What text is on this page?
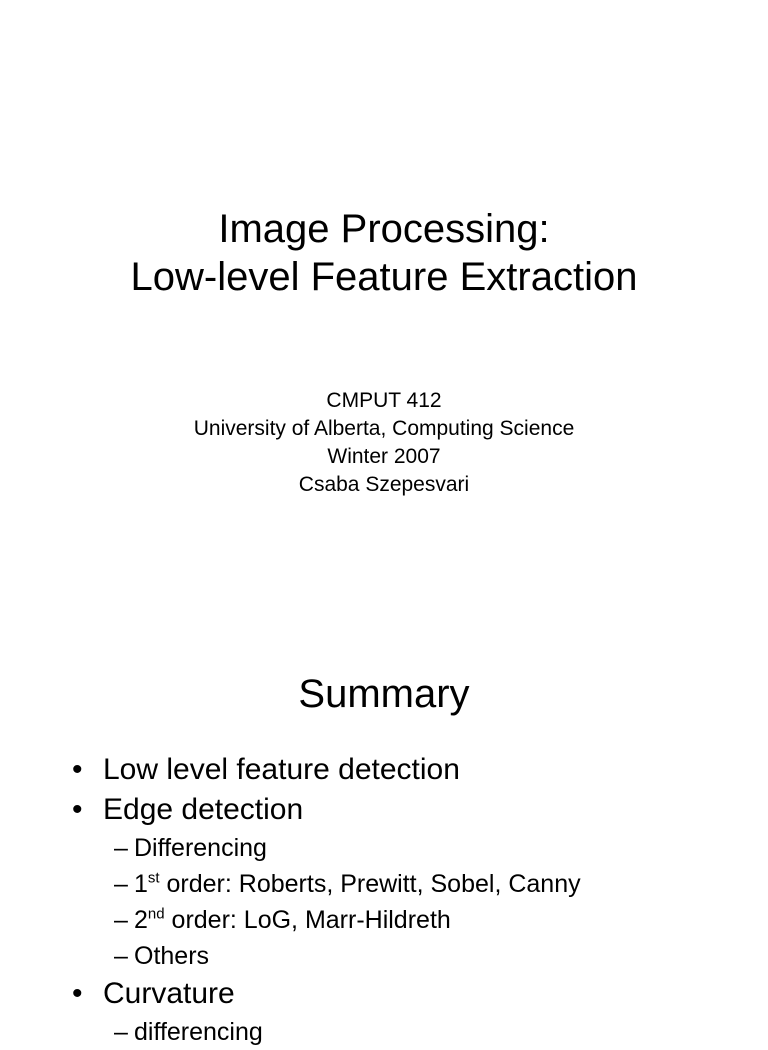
Image Processing:
Low-level Feature Extraction
CMPUT 412
University of Alberta, Computing Science
Winter 2007
Csaba Szepesvari
Summary
• Low level feature detection
• Edge detection
– Differencing
– 1st order: Roberts, Prewitt, Sobel, Canny
– 2nd order: LoG, Marr-Hildreth
– Others
• Curvature
– differencing
